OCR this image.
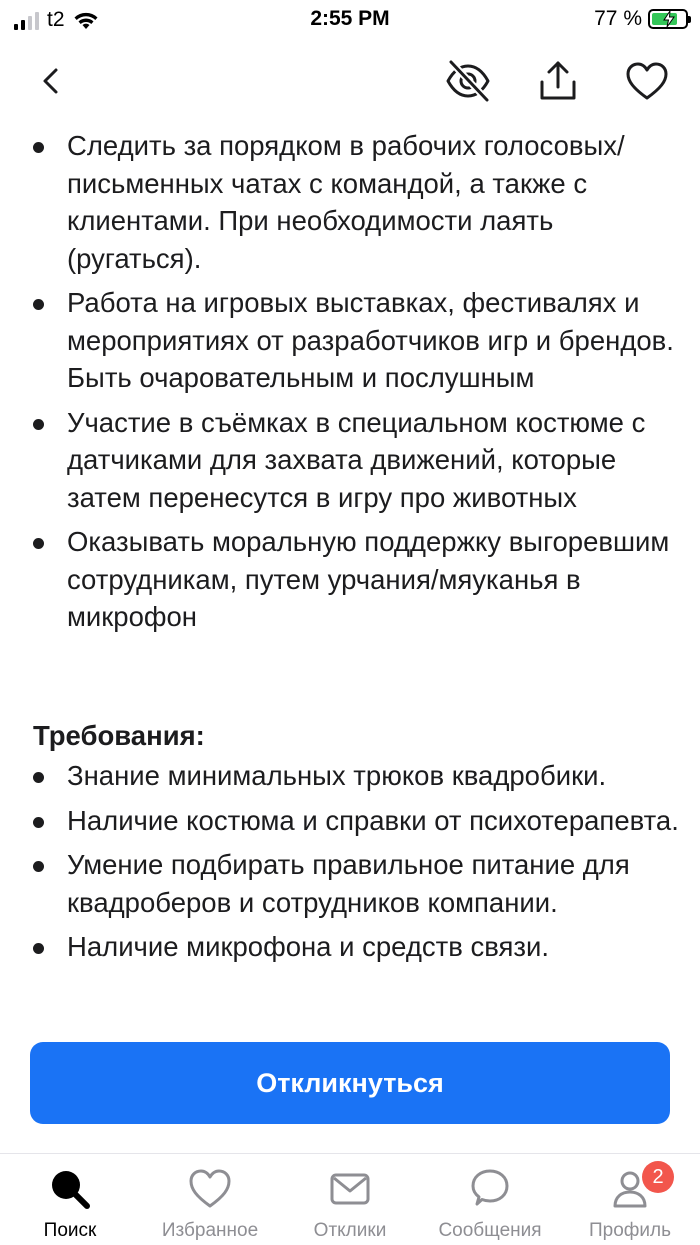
t2	2:55 PM	77 %
Следить за порядком в рабочих голосовых/письменных чатах с командой, а также с клиентами. При необходимости лаять (ругаться).
Работа на игровых выставках, фестивалях и мероприятиях от разработчиков игр и брендов. Быть очаровательным и послушным
Участие в съёмках в специальном костюме с датчиками для захвата движений, которые затем перенесутся в игру про животных
Оказывать моральную поддержку выгоревшим сотрудникам, путем урчания/мяуканья в микрофон
Требования:
Знание минимальных трюков квадробики.
Наличие костюма и справки от психотерапевта.
Умение подбирать правильное питание для квадроберов и сотрудников компании.
Наличие микрофона и средств связи.
Откликнуться
Поиск	Избранное	Отклики	Сообщения
2
Профиль
